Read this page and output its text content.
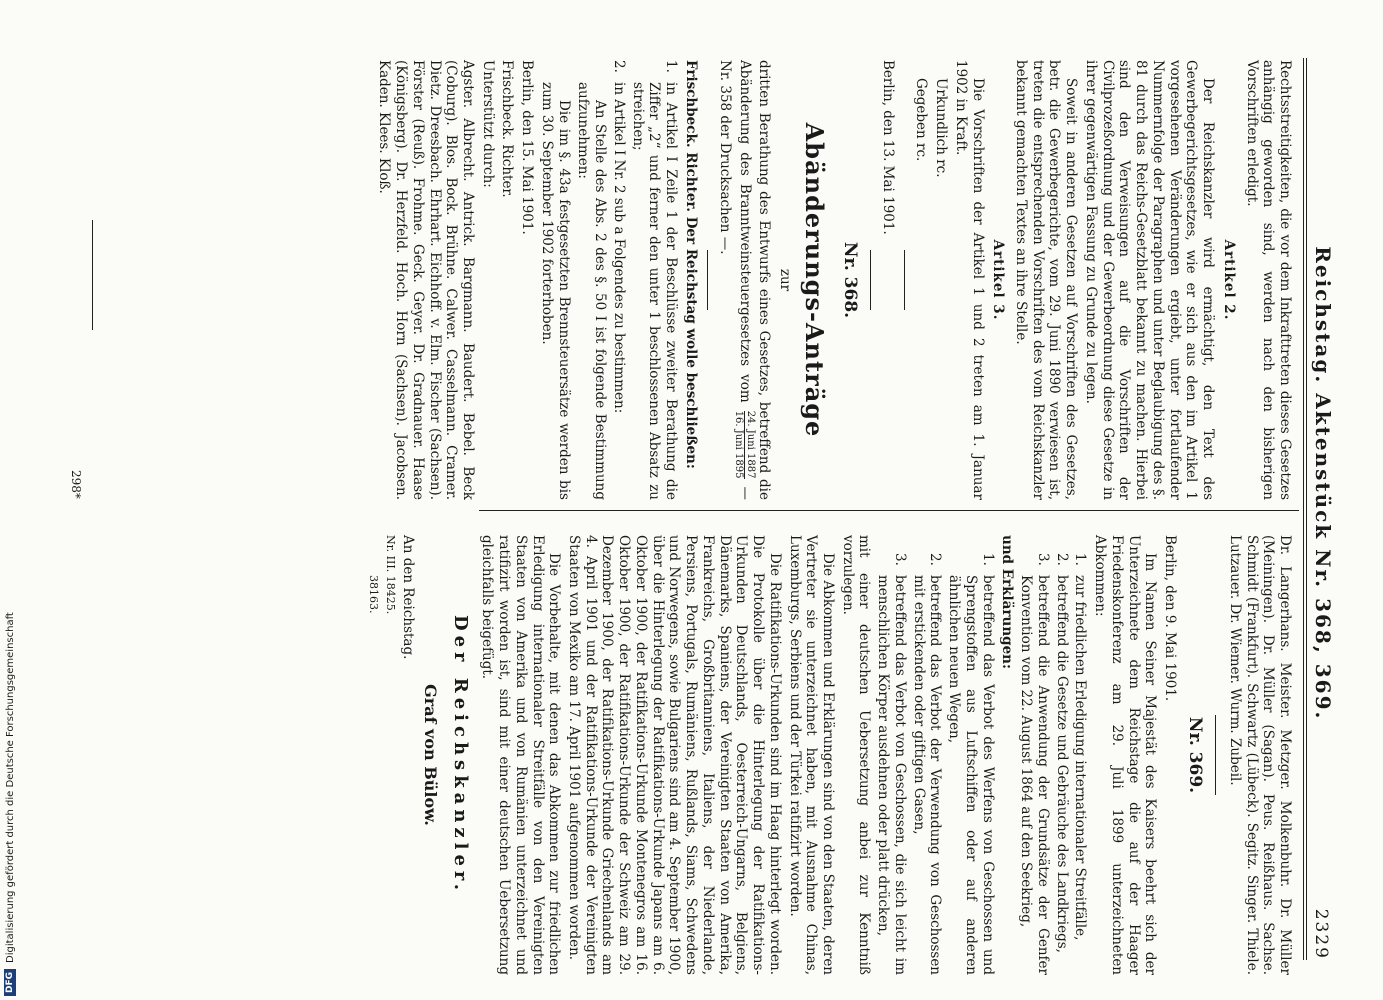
Reichstag. Aktenstück Nr. 368, 369.
2329

Rechtsstreitigkeiten, die vor dem Inkrafttreten dieses Gesetzes anhängig geworden sind, werden nach den bisherigen Vorschriften erledigt.

Artikel 2.

Der Reichskanzler wird ermächtigt, den Text des Gewerbegerichtsgesetzes, wie er sich aus den im Artikel 1 vorgesehenen Veränderungen ergiebt, unter fortlaufender Nummernfolge der Paragraphen und unter Beglaubigung des §. 81 durch das Reichs-Gesetzblatt bekannt zu machen. Hierbei sind den Verweisungen auf die Vorschriften der Civilprozeßordnung und der Gewerbeordnung diese Gesetze in ihrer gegenwärtigen Fassung zu Grunde zu legen.

Soweit in anderen Gesetzen auf Vorschriften des Gesetzes, betr. die Gewerbegerichte, vom 29. Juni 1890 verwiesen ist, treten die entsprechenden Vorschriften des vom Reichskanzler bekannt gemachten Textes an ihre Stelle.

Artikel 3.

Die Vorschriften der Artikel 1 und 2 treten am 1. Januar 1902 in Kraft.

Urkundlich rc.

Gegeben rc.

Berlin, den 13. Mai 1901.

Nr. 368.
Abänderungs-Anträge
zur

dritten Berathung des Entwurfs eines Gesetzes, betreffend die Abänderung des Branntweinsteuergesetzes vom
24. Juni 1887
16. Juni 1895
— Nr. 358 der Drucksachen —.

Frischbeck. Richter. Der Reichstag wolle beschließen:

1.
in Artikel I Zeile 1 der Beschlüsse zweiter Berathung die Ziffer „2“ und ferner den unter 1 beschlossenen Absatz zu streichen;
2.
in Artikel I Nr. 2 sub a Folgendes zu bestimmen:

An Stelle des Abs. 2 des §. 50 I ist folgende Bestimmung aufzunehmen:

Die im §. 43a festgesetzten Brennsteuersätze werden bis zum 30. September 1902 forterhoben.

Berlin, den 15. Mai 1901.

Frischbeck. Richter.

Unterstützt durch:

Agster. Albrecht. Antrick. Bargmann. Baudert. Bebel. Beck (Coburg). Blos. Bock. Brühne. Calwer. Casselmann. Cramer. Dietz. Dreesbach. Ehrhart. Eichhoff. v. Elm. Fischer (Sachsen). Förster (Reuß). Frohme. Geck. Geyer. Dr. Gradnauer. Haase (Königsberg). Dr. Herzfeld. Hoch. Horn (Sachsen). Jacobsen. Kaden. Klees. Kloß.

Dr. Langerhans. Meister. Metzger. Molkenbuhr. Dr. Müller (Meiningen). Dr. Müller (Sagan). Peus. Reißhaus. Sachse. Schmidt (Frankfurt). Schwartz (Lübeck). Segitz. Singer. Thiele. Lutzauer. Dr. Wiemer. Wurm. Zubeil.

Nr. 369.

Berlin, den 9. Mai 1901.

Im Namen Seiner Majestät des Kaisers beehrt sich der Unterzeichnete dem Reichstage die auf der Haager Friedenskonferenz am 29. Juli 1899 unterzeichneten Abkommen:

1.
zur friedlichen Erledigung internationaler Streitfälle,
2.
betreffend die Gesetze und Gebräuche des Landkriegs,
3.
betreffend die Anwendung der Grundsätze der Genfer Konvention vom 22. August 1864 auf den Seekrieg,

und Erklärungen:

1.
betreffend das Verbot des Werfens von Geschossen und Sprengstoffen aus Luftschiffen oder auf anderen ähnlichen neuen Wegen,
2.
betreffend das Verbot der Verwendung von Geschossen mit erstickenden oder giftigen Gasen,
3.
betreffend das Verbot von Geschossen, die sich leicht im menschlichen Körper ausdehnen oder platt drücken,

mit einer deutschen Uebersetzung anbei zur Kenntniß vorzulegen.

Die Abkommen und Erklärungen sind von den Staaten, deren Vertreter sie unterzeichnet haben, mit Ausnahme Chinas, Luxemburgs, Serbiens und der Türkei ratifizirt worden.

Die Ratifikations-Urkunden sind im Haag hinterlegt worden. Die Protokolle über die Hinterlegung der Ratifikations-Urkunden Deutschlands, Oesterreich-Ungarns, Belgiens, Dänemarks, Spaniens, der Vereinigten Staaten von Amerika, Frankreichs, Großbritanniens, Italiens, der Niederlande, Persiens, Portugals, Rumäniens, Rußlands, Siams, Schwedens und Norwegens, sowie Bulgariens sind am 4. September 1900, über die Hinterlegung der Ratifikations-Urkunde Japans am 6. Oktober 1900, der Ratifikations-Urkunde Montenegros am 16. Oktober 1900, der Ratifikations-Urkunde der Schweiz am 29. Dezember 1900, der Ratifikations-Urkunde Griechenlands am 4. April 1901 und der Ratifikations-Urkunde der Vereinigten Staaten von Mexiko am 17. April 1901 aufgenommen worden.

Die Vorbehalte, mit denen das Abkommen zur friedlichen Erledigung internationaler Streitfälle von den Vereinigten Staaten von Amerika und von Rumänien unterzeichnet und ratifizirt worden ist, sind mit einer deutschen Uebersetzung gleichfalls beigefügt.

Der Reichskanzler.
Graf von Bülow.

An den Reichstag.

Nr. III. 18425.

38163.

298*
DFG
Digitalisierung gefördert durch die Deutsche Forschungsgemeinschaft
